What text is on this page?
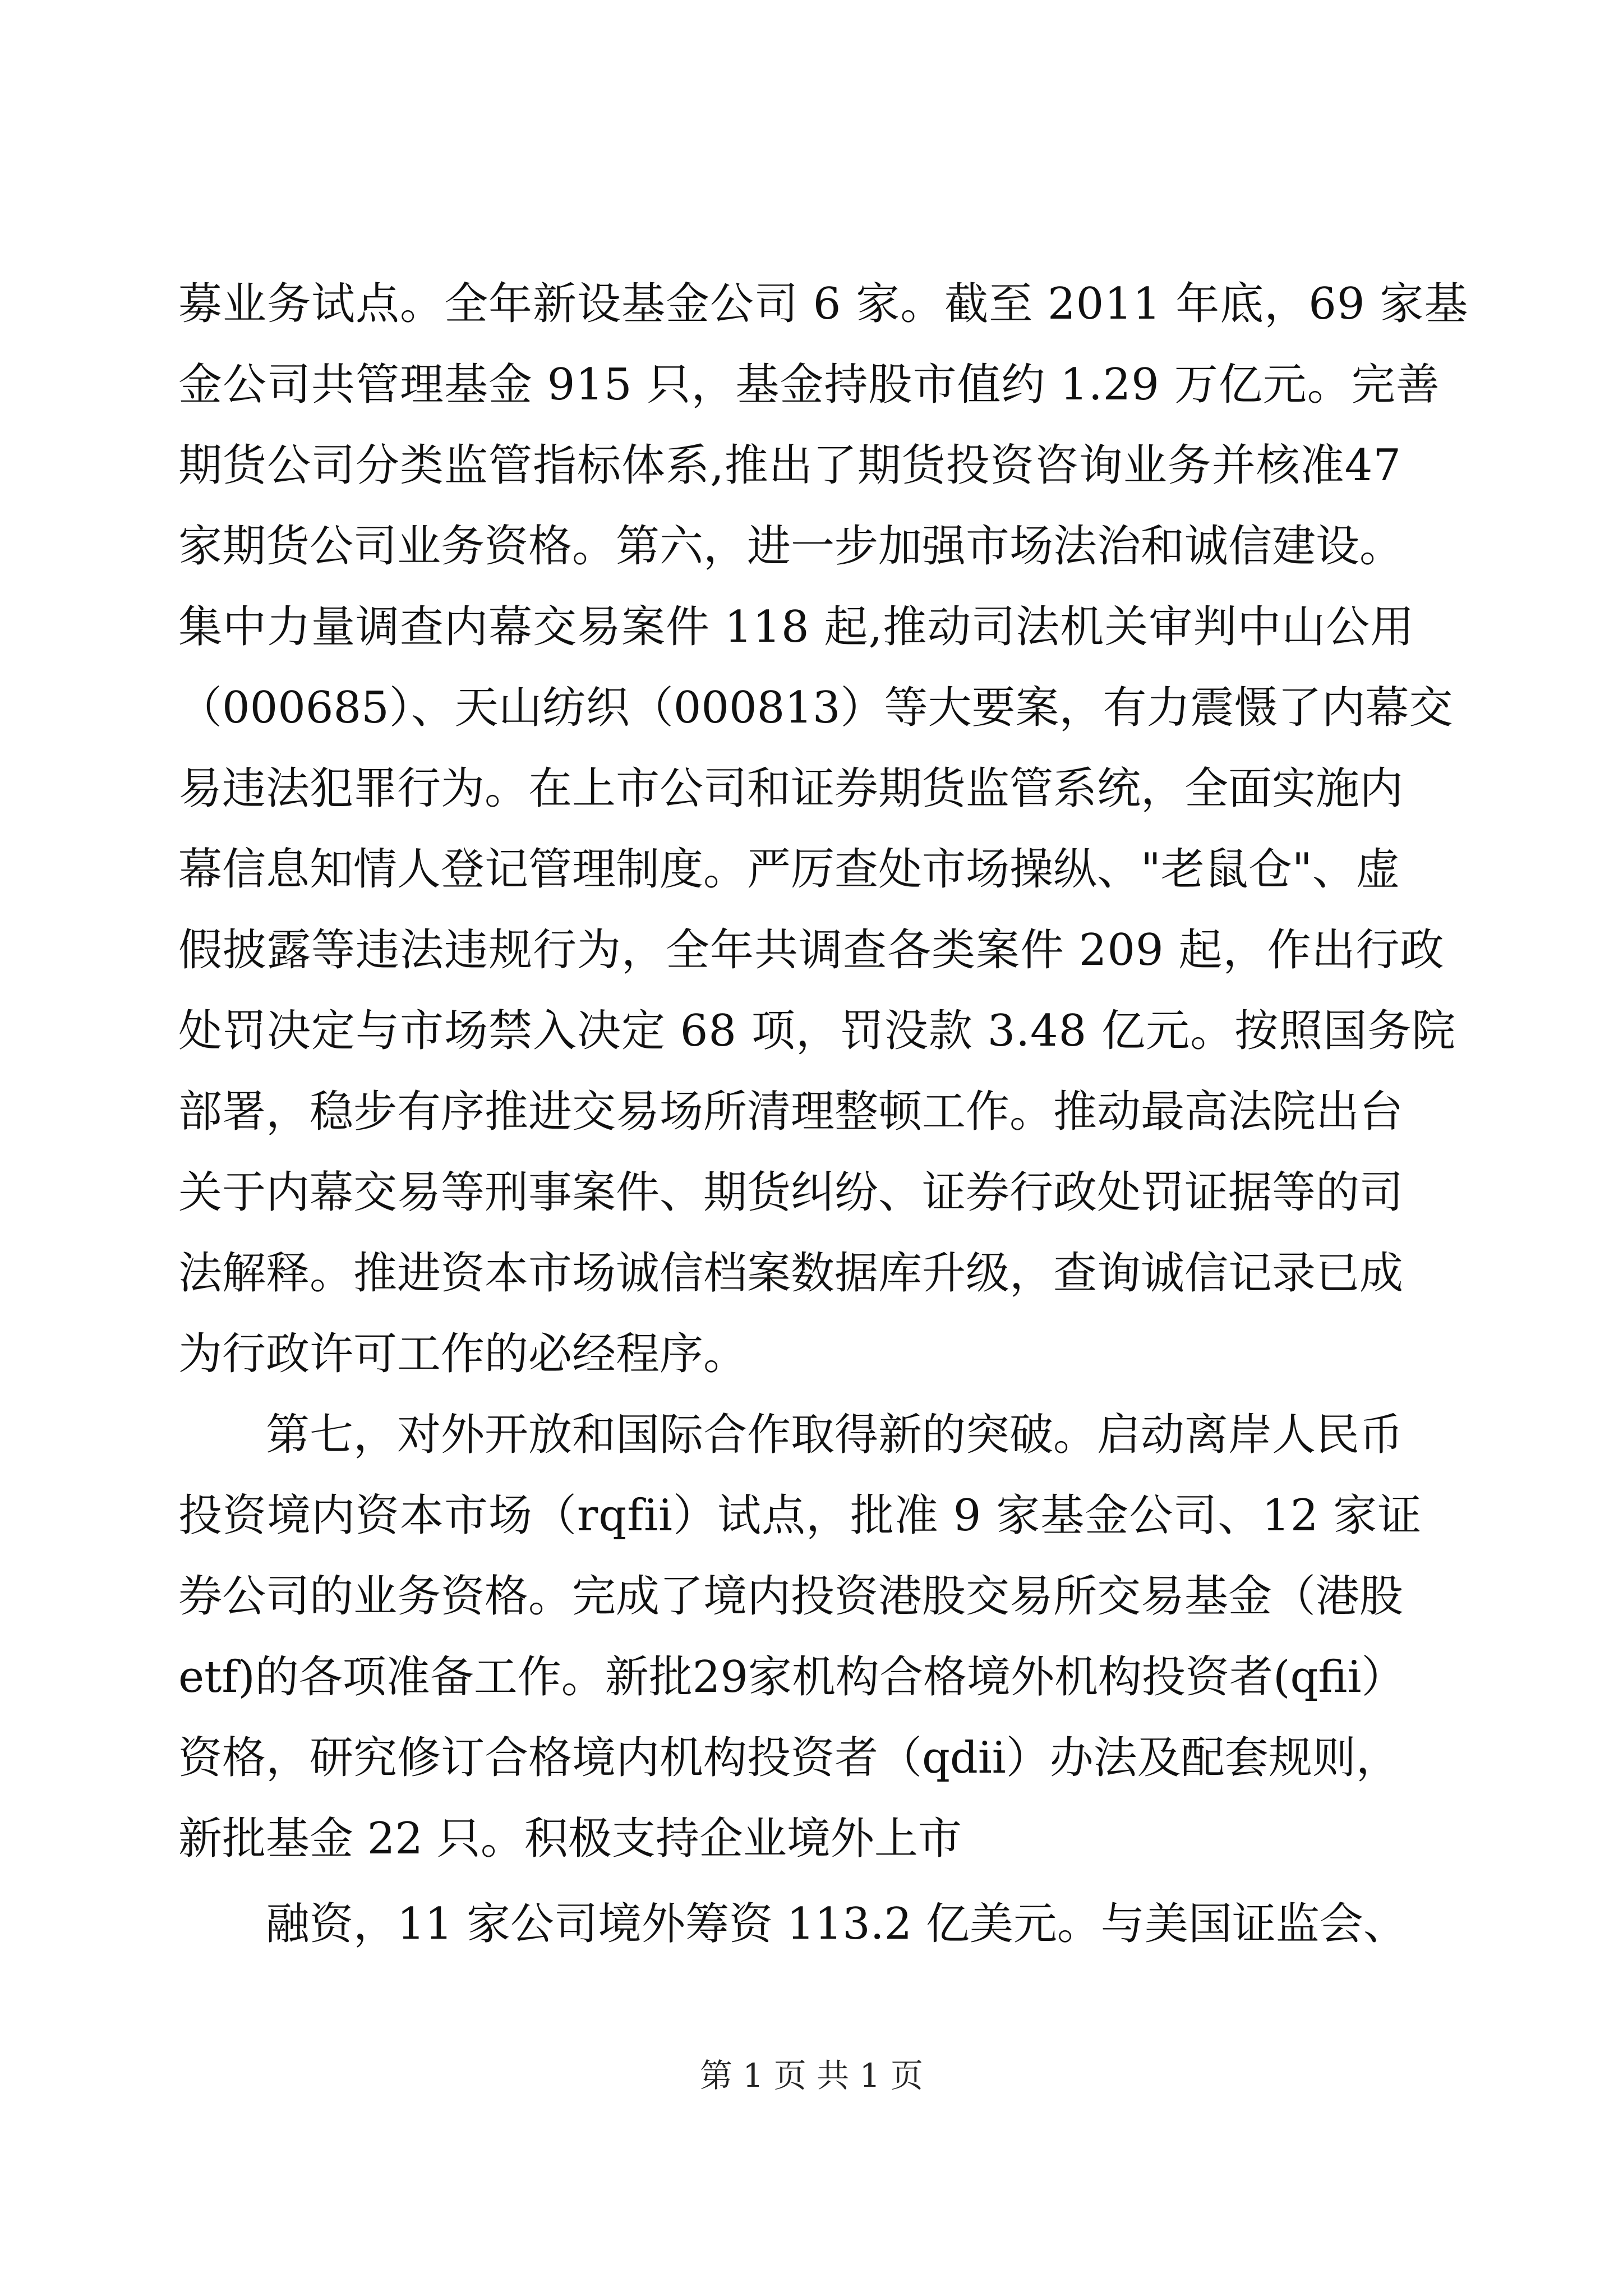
募业务试点。全年新设基金公司 6 家。截至 2011 年底，69 家基
金公司共管理基金 915 只，基金持股市值约 1.29 万亿元。完善
期货公司分类监管指标体系,推出了期货投资咨询业务并核准47
家期货公司业务资格。第六，进一步加强市场法治和诚信建设。
集中力量调查内幕交易案件 118 起,推动司法机关审判中山公用
（000685）、天山纺织（000813）等大要案，有力震慑了内幕交
易违法犯罪行为。在上市公司和证券期货监管系统，全面实施内
幕信息知情人登记管理制度。严厉查处市场操纵、"老鼠仓"、虚
假披露等违法违规行为，全年共调查各类案件 209 起，作出行政
处罚决定与市场禁入决定 68 项，罚没款 3.48 亿元。按照国务院
部署，稳步有序推进交易场所清理整顿工作。推动最高法院出台
关于内幕交易等刑事案件、期货纠纷、证券行政处罚证据等的司
法解释。推进资本市场诚信档案数据库升级，查询诚信记录已成
为行政许可工作的必经程序。
第七，对外开放和国际合作取得新的突破。启动离岸人民币
投资境内资本市场（rqfii）试点，批准 9 家基金公司、12 家证
券公司的业务资格。完成了境内投资港股交易所交易基金（港股
etf)的各项准备工作。新批29家机构合格境外机构投资者(qfii）
资格，研究修订合格境内机构投资者（qdii）办法及配套规则，
新批基金 22 只。积极支持企业境外上市
融资，11 家公司境外筹资 113.2 亿美元。与美国证监会、
第 1 页 共 1 页
